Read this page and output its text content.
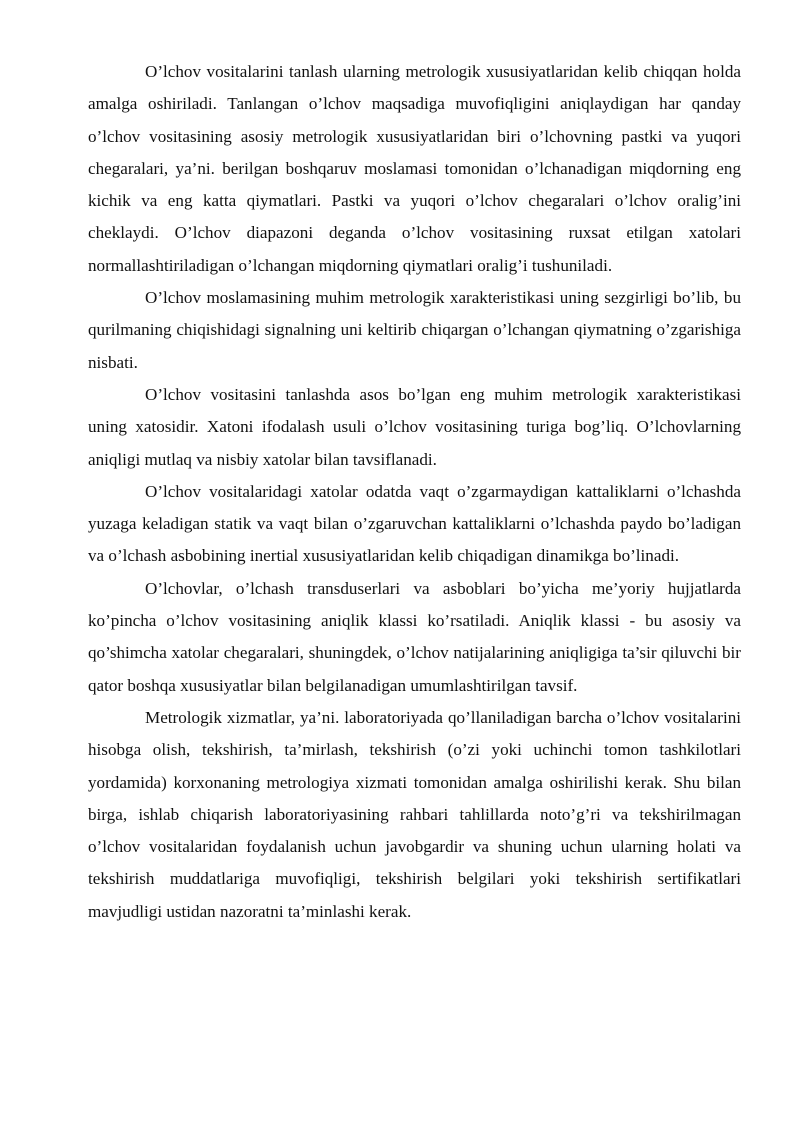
O’lchov vositalarini tanlash ularning metrologik xususiyatlaridan kelib chiqqan holda amalga oshiriladi. Tanlangan o’lchov maqsadiga muvofiqligini aniqlaydigan har qanday o’lchov vositasining asosiy metrologik xususiyatlaridan biri o’lchovning pastki va yuqori chegaralari, ya’ni. berilgan boshqaruv moslamasi tomonidan o’lchanadigan miqdorning eng kichik va eng katta qiymatlari. Pastki va yuqori o’lchov chegaralari o’lchov oralig’ini cheklaydi. O’lchov diapazoni deganda o’lchov vositasining ruxsat etilgan xatolari normallashtiriladigan o’lchangan miqdorning qiymatlari oralig’i tushuniladi.

O’lchov moslamasining muhim metrologik xarakteristikasi uning sezgirligi bo’lib, bu qurilmaning chiqishidagi signalning uni keltirib chiqargan o’lchangan qiymatning o’zgarishiga nisbati.

O’lchov vositasini tanlashda asos bo’lgan eng muhim metrologik xarakteristikasi uning xatosidir. Xatoni ifodalash usuli o’lchov vositasining turiga bog’liq. O’lchovlarning aniqligi mutlaq va nisbiy xatolar bilan tavsiflanadi.

O’lchov vositalaridagi xatolar odatda vaqt o’zgarmaydigan kattaliklarni o’lchashda yuzaga keladigan statik va vaqt bilan o’zgaruvchan kattaliklarni o’lchashda paydo bo’ladigan va o’lchash asbobining inertial xususiyatlaridan kelib chiqadigan dinamikga bo’linadi.

O’lchovlar, o’lchash transduserlari va asboblari bo’yicha me’yoriy hujjatlarda ko’pincha o’lchov vositasining aniqlik klassi ko’rsatiladi. Aniqlik klassi - bu asosiy va qo’shimcha xatolar chegaralari, shuningdek, o’lchov natijalarining aniqligiga ta’sir qiluvchi bir qator boshqa xususiyatlar bilan belgilanadigan umumlashtirilgan tavsif.

Metrologik xizmatlar, ya’ni. laboratoriyada qo’llaniladigan barcha o’lchov vositalarini hisobga olish, tekshirish, ta’mirlash, tekshirish (o’zi yoki uchinchi tomon tashkilotlari yordamida) korxonaning metrologiya xizmati tomonidan amalga oshirilishi kerak. Shu bilan birga, ishlab chiqarish laboratoriyasining rahbari tahlillarda noto’g’ri va tekshirilmagan o’lchov vositalaridan foydalanish uchun javobgardir va shuning uchun ularning holati va tekshirish muddatlariga muvofiqligi, tekshirish belgilari yoki tekshirish sertifikatlari mavjudligi ustidan nazoratni ta’minlashi kerak.
